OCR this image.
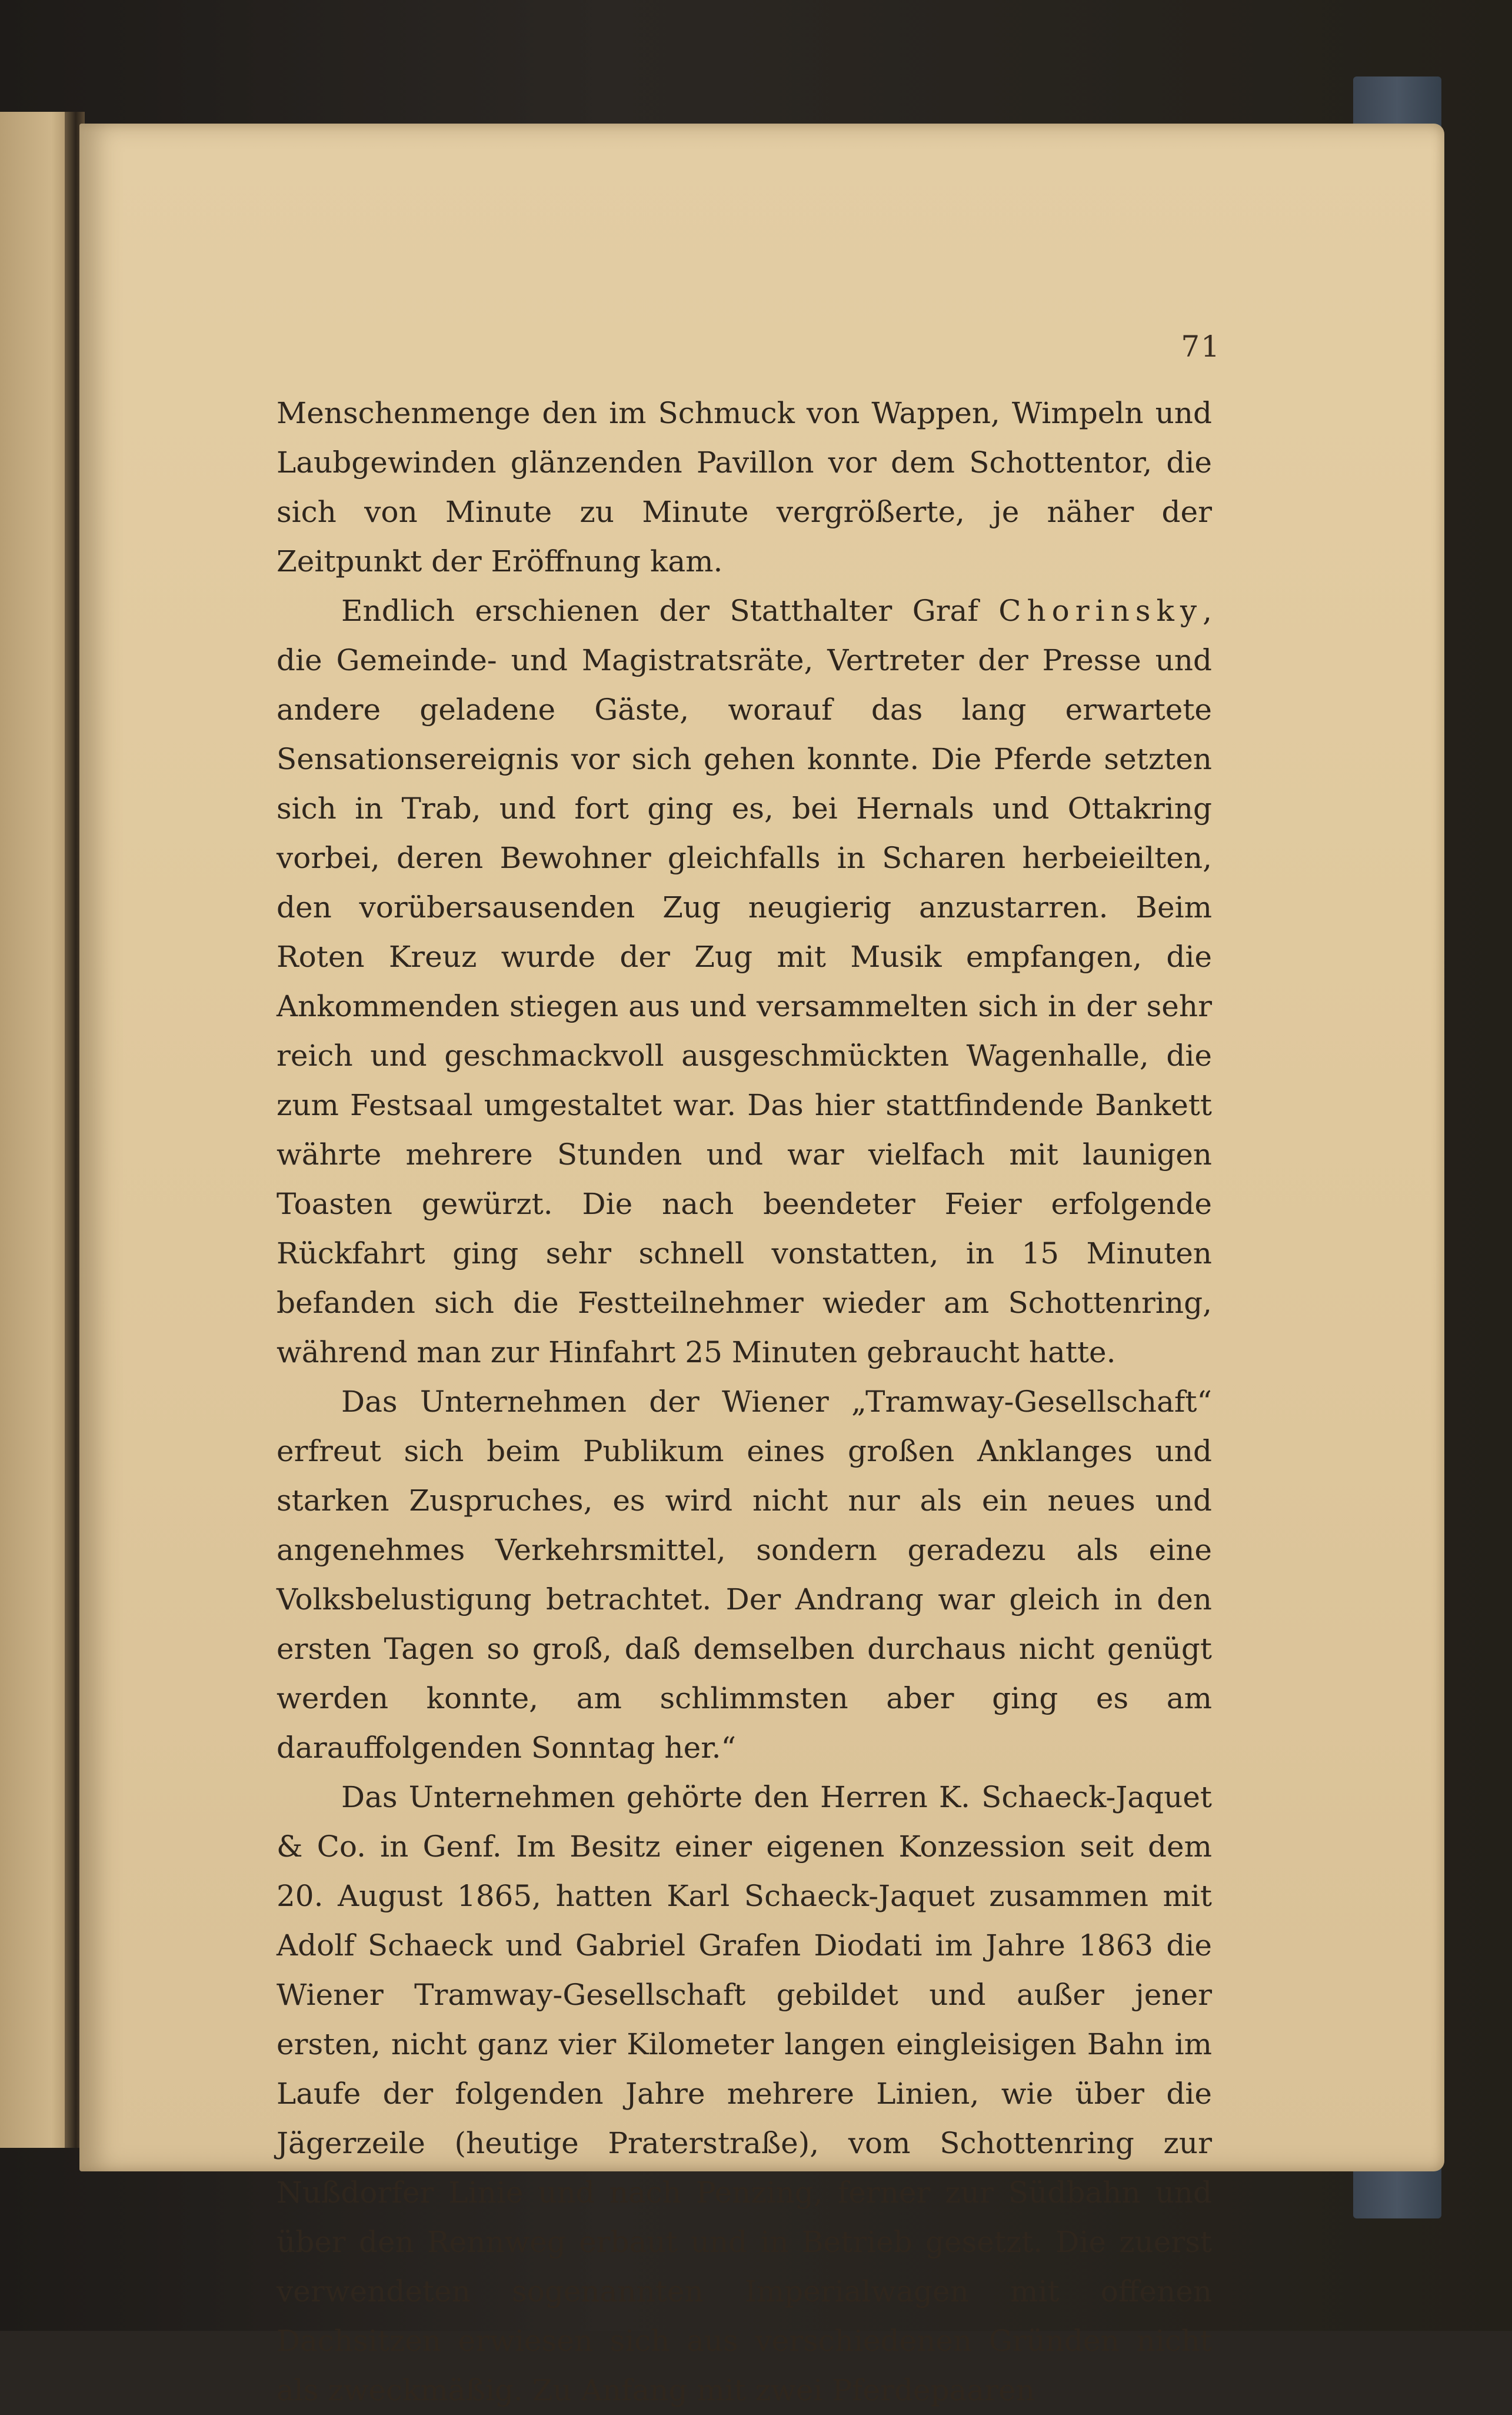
71

Menschenmenge den im Schmuck von Wappen, Wimpeln und Laubgewinden glänzenden Pavillon vor dem Schottentor, die sich von Minute zu Minute vergrößerte, je näher der Zeitpunkt der Eröffnung kam.

Endlich erschienen der Statthalter Graf Chorinsky, die Gemeinde- und Magistratsräte, Vertreter der Presse und andere geladene Gäste, worauf das lang erwartete Sensationsereignis vor sich gehen konnte. Die Pferde setzten sich in Trab, und fort ging es, bei Hernals und Ottakring vorbei, deren Bewohner gleichfalls in Scharen herbeieilten, den vorübersausenden Zug neugierig anzustarren. Beim Roten Kreuz wurde der Zug mit Musik empfangen, die Ankommenden stiegen aus und versammelten sich in der sehr reich und geschmackvoll ausgeschmückten Wagenhalle, die zum Festsaal umgestaltet war. Das hier stattfindende Bankett währte mehrere Stunden und war vielfach mit launigen Toasten gewürzt. Die nach beendeter Feier erfolgende Rückfahrt ging sehr schnell vonstatten, in 15 Minuten befanden sich die Festteilnehmer wieder am Schottenring, während man zur Hinfahrt 25 Minuten gebraucht hatte.

Das Unternehmen der Wiener „Tramway-Gesellschaft“ erfreut sich beim Publikum eines großen Anklanges und starken Zuspruches, es wird nicht nur als ein neues und angenehmes Verkehrsmittel, sondern geradezu als eine Volksbelustigung betrachtet. Der Andrang war gleich in den ersten Tagen so groß, daß demselben durchaus nicht genügt werden konnte, am schlimmsten aber ging es am darauffolgenden Sonntag her.“

Das Unternehmen gehörte den Herren K. Schaeck-Jaquet & Co. in Genf. Im Besitz einer eigenen Konzession seit dem 20. August 1865, hatten Karl Schaeck-Jaquet zusammen mit Adolf Schaeck und Gabriel Grafen Diodati im Jahre 1863 die Wiener Tramway-Gesellschaft gebildet und außer jener ersten, nicht ganz vier Kilometer langen eingleisigen Bahn im Laufe der folgenden Jahre mehrere Linien, wie über die Jägerzeile (heutige Praterstraße), vom Schottenring zur Nußdorfer Linie und nach Penzing, ferner zur Südbahn und über den Rennweg erbaut und in Betrieb gesetzt. Die zuerst verwendeten sogenannten Imperialwagen mit offenen Dachsitzen erwiesen sich aus verschiedenen Gründen nicht als zweckmäßig. Zu Anfang mit zwei Pferdepaaren
